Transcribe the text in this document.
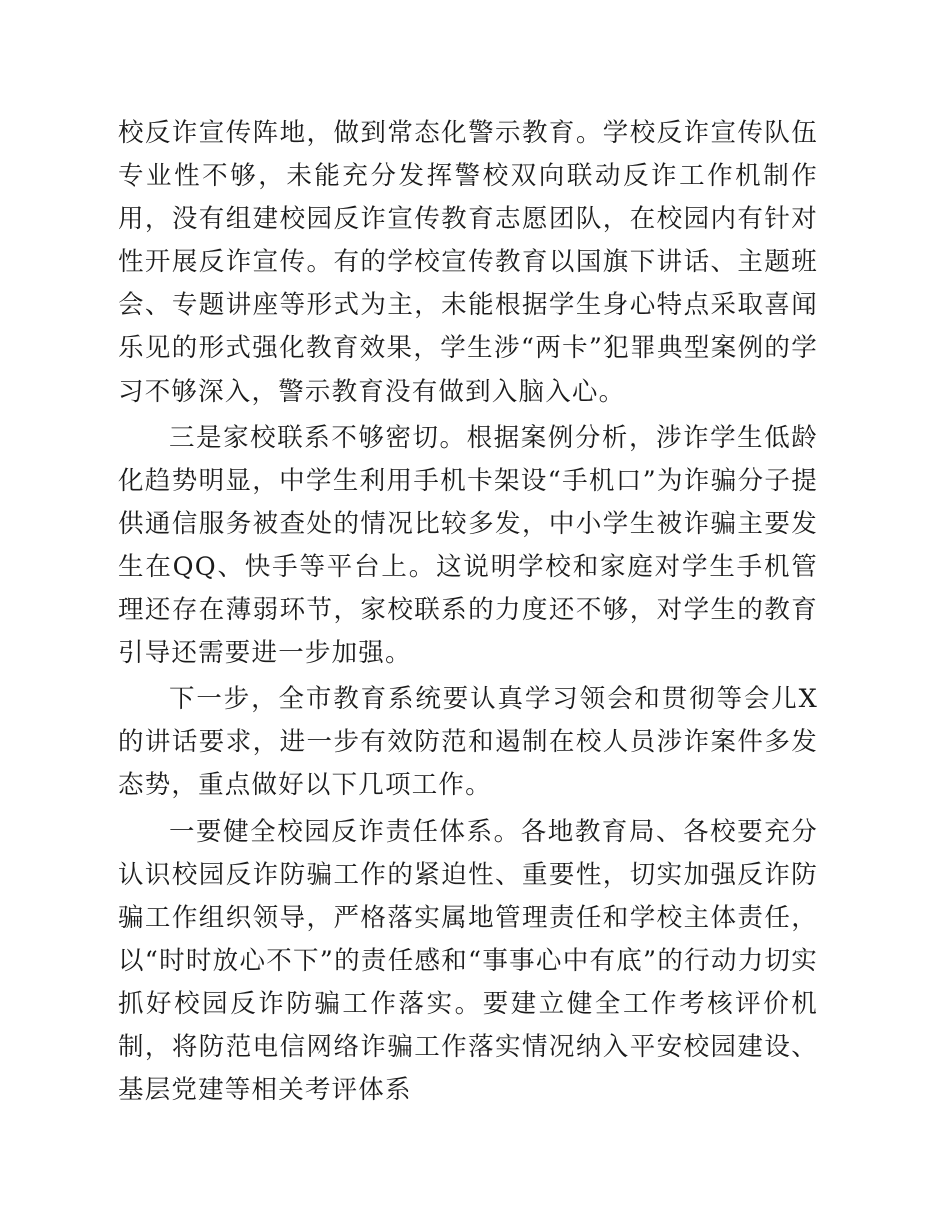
校反诈宣传阵地，做到常态化警示教育。学校反诈宣传队伍专业性不够，未能充分发挥警校双向联动反诈工作机制作用，没有组建校园反诈宣传教育志愿团队，在校园内有针对性开展反诈宣传。有的学校宣传教育以国旗下讲话、主题班会、专题讲座等形式为主，未能根据学生身心特点采取喜闻乐见的形式强化教育效果，学生涉“两卡”犯罪典型案例的学习不够深入，警示教育没有做到入脑入心。

三是家校联系不够密切。根据案例分析，涉诈学生低龄化趋势明显，中学生利用手机卡架设“手机口”为诈骗分子提供通信服务被查处的情况比较多发，中小学生被诈骗主要发生在QQ、快手等平台上。这说明学校和家庭对学生手机管理还存在薄弱环节，家校联系的力度还不够，对学生的教育引导还需要进一步加强。

下一步，全市教育系统要认真学习领会和贯彻等会儿X的讲话要求，进一步有效防范和遏制在校人员涉诈案件多发态势，重点做好以下几项工作。

一要健全校园反诈责任体系。各地教育局、各校要充分认识校园反诈防骗工作的紧迫性、重要性，切实加强反诈防骗工作组织领导，严格落实属地管理责任和学校主体责任，以“时时放心不下”的责任感和“事事心中有底”的行动力切实抓好校园反诈防骗工作落实。要建立健全工作考核评价机制，将防范电信网络诈骗工作落实情况纳入平安校园建设、基层党建等相关考评体系
